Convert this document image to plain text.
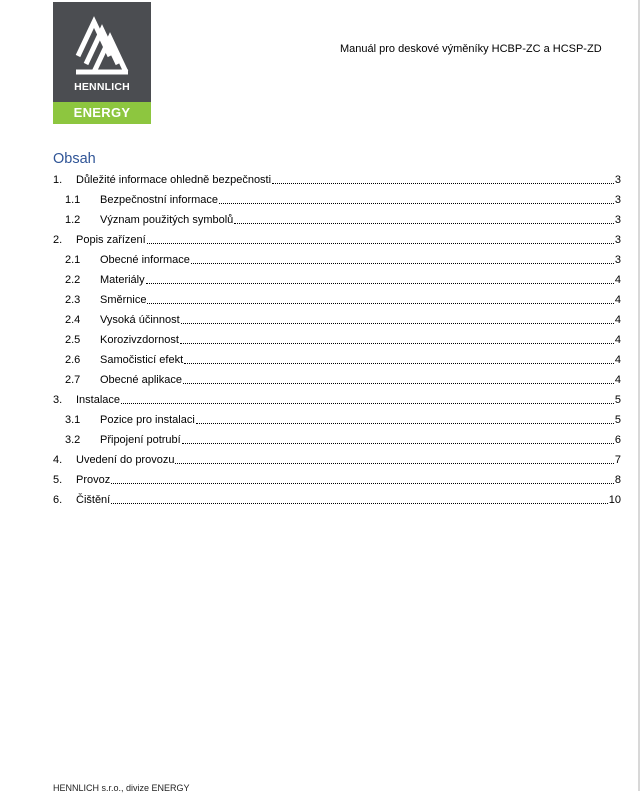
HENNLICH
ENERGY
Manuál pro deskové výměníky HCBP-ZC a HCSP-ZD
Obsah
1.	Důležité informace ohledně bezpečnosti	3
1.1	Bezpečnostní informace	3
1.2	Význam použitých symbolů	3
2.	Popis zařízení	3
2.1	Obecné informace	3
2.2	Materiály	4
2.3	Směrnice	4
2.4	Vysoká účinnost	4
2.5	Korozivzdornost	4
2.6	Samočisticí efekt	4
2.7	Obecné aplikace	4
3.	Instalace	5
3.1	Pozice pro instalaci	5
3.2	Připojení potrubí	6
4.	Uvedení do provozu	7
5.	Provoz	8
6.	Čištění	10
HENNLICH s.r.o., divize ENERGY
